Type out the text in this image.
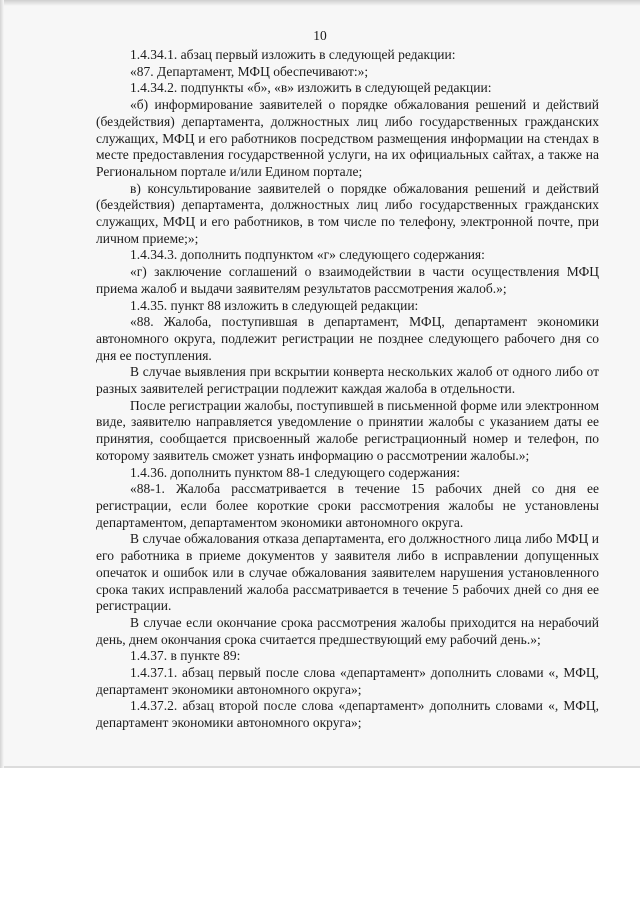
10

1.4.34.1. абзац первый изложить в следующей редакции:

«87. Департамент, МФЦ обеспечивают:»;

1.4.34.2. подпункты «б», «в» изложить в следующей редакции:

«б) информирование заявителей о порядке обжалования решений и действий (бездействия) департамента, должностных лиц либо государственных гражданских служащих, МФЦ и его работников посредством размещения информации на стендах в месте предоставления государственной услуги, на их официальных сайтах, а также на Региональном портале и/или Едином портале;

в) консультирование заявителей о порядке обжалования решений и действий (бездействия) департамента, должностных лиц либо государственных гражданских служащих, МФЦ и его работников, в том числе по телефону, электронной почте, при личном приеме;»;

1.4.34.3. дополнить подпунктом «г» следующего содержания:

«г) заключение соглашений о взаимодействии в части осуществления МФЦ приема жалоб и выдачи заявителям результатов рассмотрения жалоб.»;

1.4.35. пункт 88 изложить в следующей редакции:

«88. Жалоба, поступившая в департамент, МФЦ, департамент экономики автономного округа, подлежит регистрации не позднее следующего рабочего дня со дня ее поступления.

В случае выявления при вскрытии конверта нескольких жалоб от одного либо от разных заявителей регистрации подлежит каждая жалоба в отдельности.

После регистрации жалобы, поступившей в письменной форме или электронном виде, заявителю направляется уведомление о принятии жалобы с указанием даты ее принятия, сообщается присвоенный жалобе регистрационный номер и телефон, по которому заявитель сможет узнать информацию о рассмотрении жалобы.»;

1.4.36. дополнить пунктом 88-1 следующего содержания:

«88-1. Жалоба рассматривается в течение 15 рабочих дней со дня ее регистрации, если более короткие сроки рассмотрения жалобы не установлены департаментом, департаментом экономики автономного округа.

В случае обжалования отказа департамента, его должностного лица либо МФЦ и его работника в приеме документов у заявителя либо в исправлении допущенных опечаток и ошибок или в случае обжалования заявителем нарушения установленного срока таких исправлений жалоба рассматривается в течение 5 рабочих дней со дня ее регистрации.

В случае если окончание срока рассмотрения жалобы приходится на нерабочий день, днем окончания срока считается предшествующий ему рабочий день.»;

1.4.37. в пункте 89:

1.4.37.1. абзац первый после слова «департамент» дополнить словами «, МФЦ, департамент экономики автономного округа»;

1.4.37.2. абзац второй после слова «департамент» дополнить словами «, МФЦ, департамент экономики автономного округа»;
